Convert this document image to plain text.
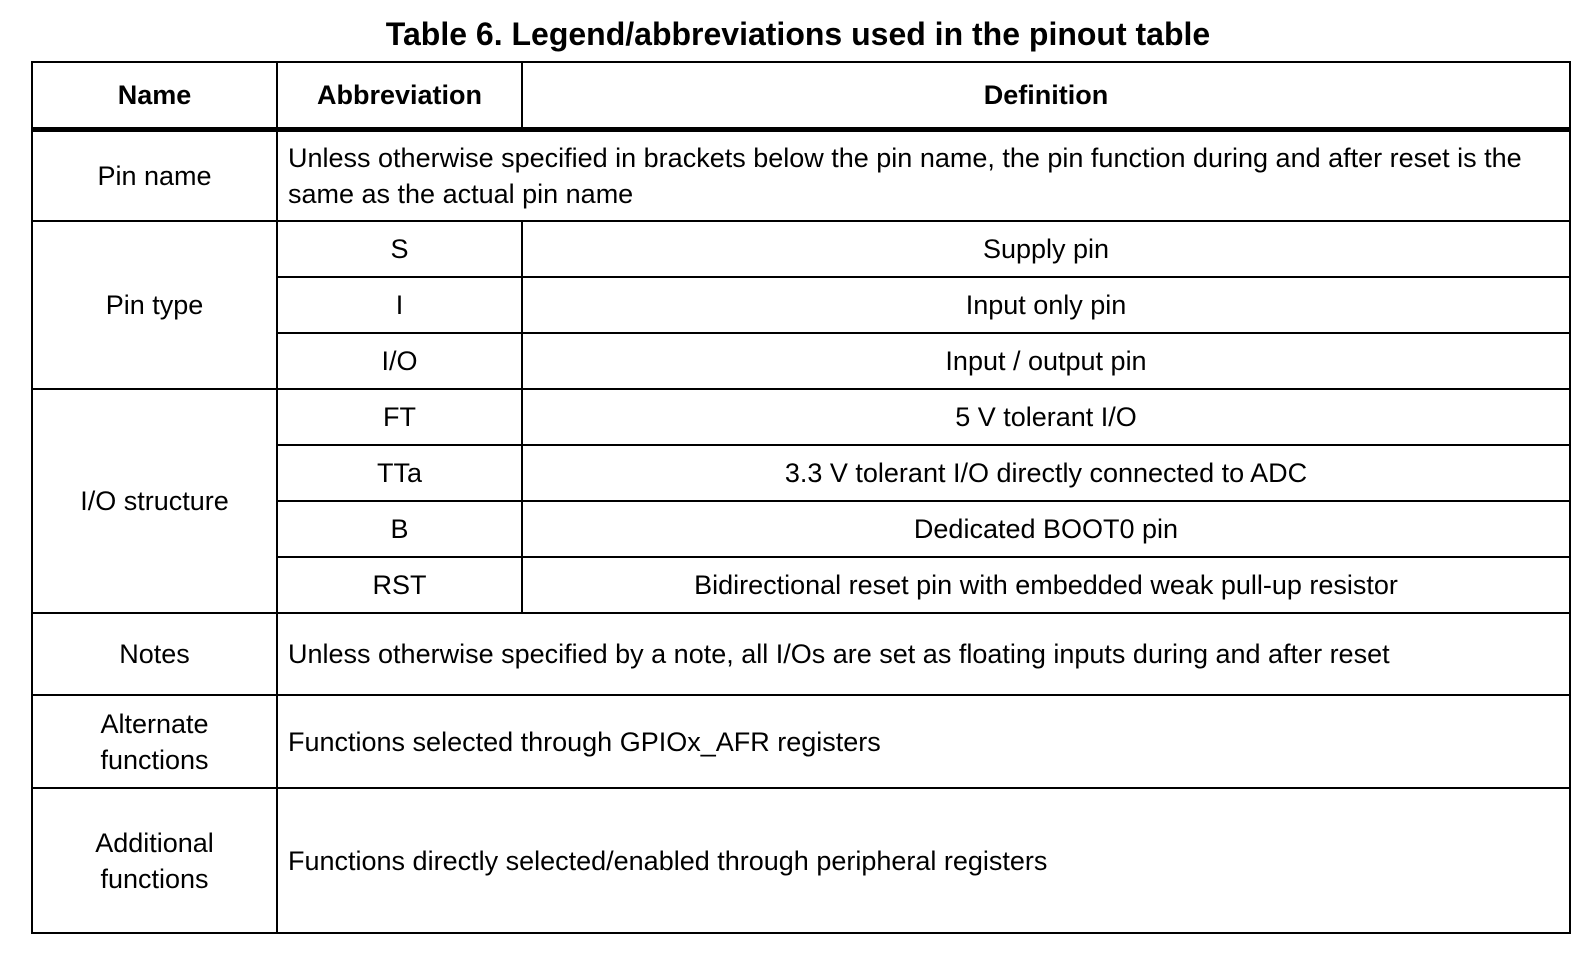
Table 6. Legend/abbreviations used in the pinout table
Name	Abbreviation	Definition
Pin name	Unless otherwise specified in brackets below the pin name, the pin function during and after reset is the same as the actual pin name	
Pin type	S	Supply pin
	I	Input only pin
	I/O	Input / output pin
I/O structure	FT	5 V tolerant I/O
	TTa	3.3 V tolerant I/O directly connected to ADC
	B	Dedicated BOOT0 pin
	RST	Bidirectional reset pin with embedded weak pull-up resistor
Notes	Unless otherwise specified by a note, all I/Os are set as floating inputs during and after reset	

Alternate
functions	Functions selected through GPIOx_AFR registers	

Additional
functions	Functions directly selected/enabled through peripheral registers	
